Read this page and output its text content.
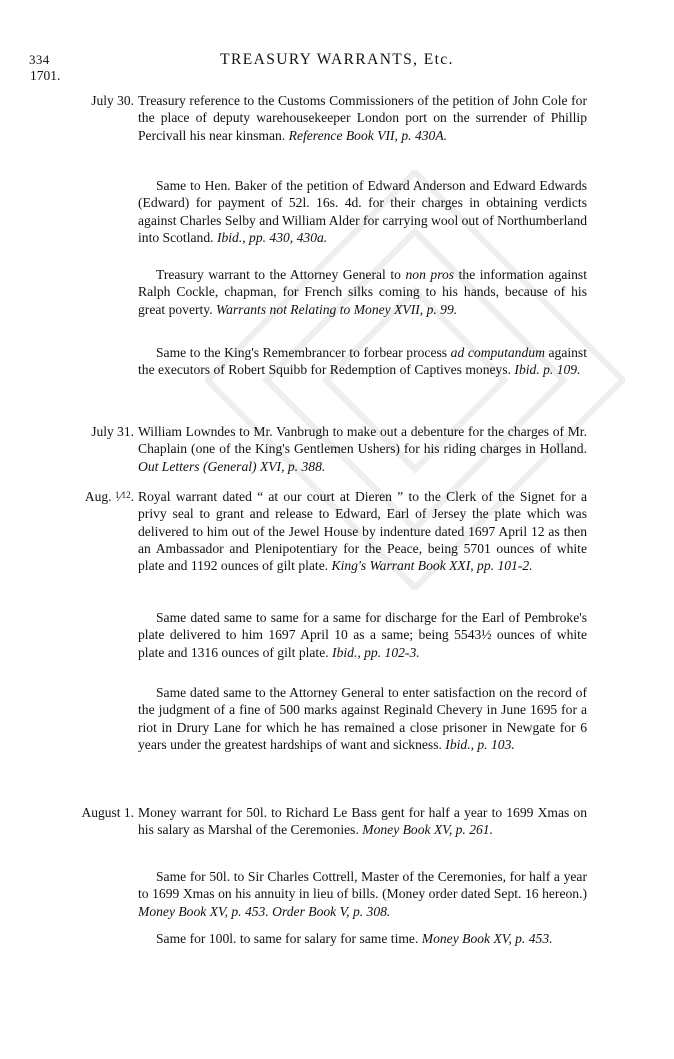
334	TREASURY WARRANTS, Etc.
1701.
July 30. Treasury reference to the Customs Commissioners of the petition of John Cole for the place of deputy warehousekeeper London port on the surrender of Phillip Percivall his near kinsman. Reference Book VII, p. 430A.

Same to Hen. Baker of the petition of Edward Anderson and Edward Edwards (Edward) for payment of 52l. 16s. 4d. for their charges in obtaining verdicts against Charles Selby and William Alder for carrying wool out of Northumberland into Scotland. Ibid., pp. 430, 430a.

Treasury warrant to the Attorney General to non pros the information against Ralph Cockle, chapman, for French silks coming to his hands, because of his great poverty. Warrants not Relating to Money XVII, p. 99.

Same to the King's Remembrancer to forbear process ad computandum against the executors of Robert Squibb for Redemption of Captives moneys. Ibid. p. 109.

July 31. William Lowndes to Mr. Vanbrugh to make out a debenture for the charges of Mr. Chaplain (one of the King's Gentlemen Ushers) for his riding charges in Holland. Out Letters (General) XVI, p. 388.

Aug. $^1$⁄$^{12}$. Royal warrant dated “ at our court at Dieren ” to the Clerk of the Signet for a privy seal to grant and release to Edward, Earl of Jersey the plate which was delivered to him out of the Jewel House by indenture dated 1697 April 12 as then an Ambassador and Plenipotentiary for the Peace, being 5701 ounces of white plate and 1192 ounces of gilt plate. King's Warrant Book XXI, pp. 101-2.

Same dated same to same for a same for discharge for the Earl of Pembroke's plate delivered to him 1697 April 10 as a same; being 5543½ ounces of white plate and 1316 ounces of gilt plate. Ibid., pp. 102-3.

Same dated same to the Attorney General to enter satisfaction on the record of the judgment of a fine of 500 marks against Reginald Chevery in June 1695 for a riot in Drury Lane for which he has remained a close prisoner in Newgate for 6 years under the greatest hardships of want and sickness. Ibid., p. 103.

August 1. Money warrant for 50l. to Richard Le Bass gent for half a year to 1699 Xmas on his salary as Marshal of the Ceremonies. Money Book XV, p. 261.

Same for 50l. to Sir Charles Cottrell, Master of the Ceremonies, for half a year to 1699 Xmas on his annuity in lieu of bills. (Money order dated Sept. 16 hereon.) Money Book XV, p. 453. Order Book V, p. 308.

Same for 100l. to same for salary for same time. Money Book XV, p. 453.
